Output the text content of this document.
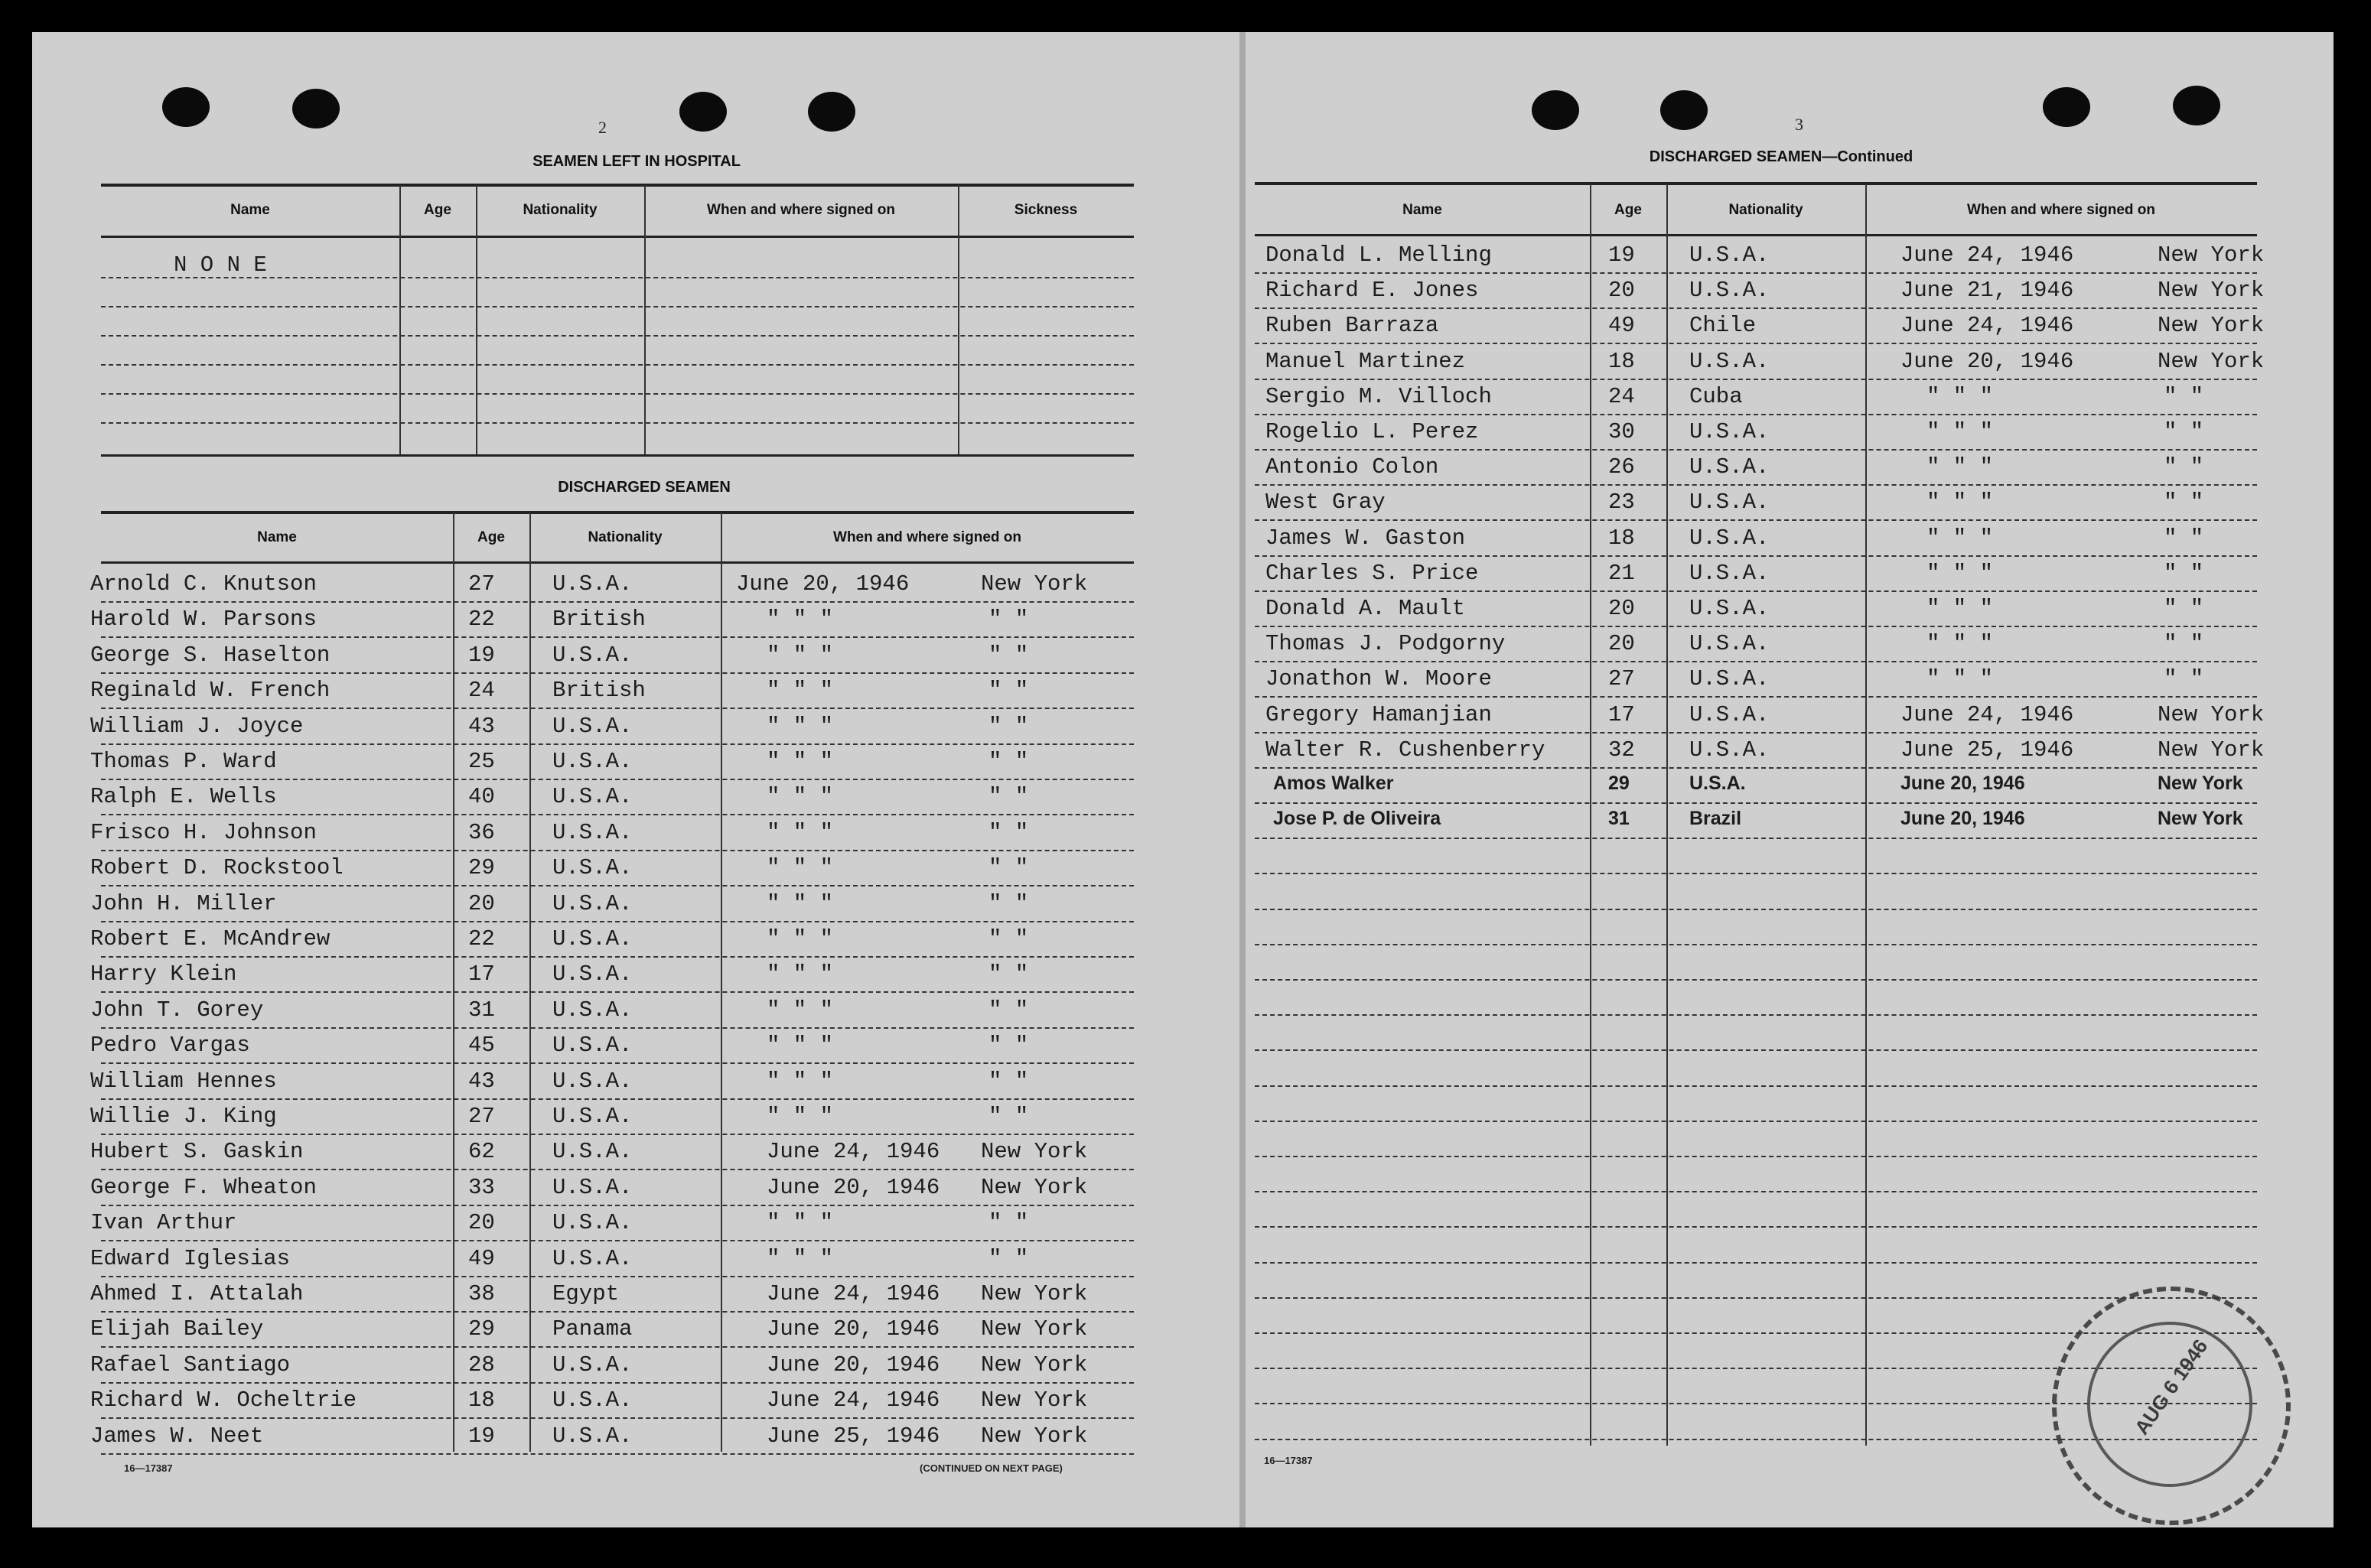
2
SEAMEN LEFT IN HOSPITAL
Name	Age	Nationality	When and where signed on	Sickness
N O N E
DISCHARGED SEAMEN
Name	Age	Nationality	When and where signed on
Arnold C. Knutson	27	U.S.A.	June 20, 1946	New York
Harold W. Parsons	22	British	" " "	" "
George S. Haselton	19	U.S.A.	" " "	" "
Reginald W. French	24	British	" " "	" "
William J. Joyce	43	U.S.A.	" " "	" "
Thomas P. Ward	25	U.S.A.	" " "	" "
Ralph E. Wells	40	U.S.A.	" " "	" "
Frisco H. Johnson	36	U.S.A.	" " "	" "
Robert D. Rockstool	29	U.S.A.	" " "	" "
John H. Miller	20	U.S.A.	" " "	" "
Robert E. McAndrew	22	U.S.A.	" " "	" "
Harry Klein	17	U.S.A.	" " "	" "
John T. Gorey	31	U.S.A.	" " "	" "
Pedro Vargas	45	U.S.A.	" " "	" "
William Hennes	43	U.S.A.	" " "	" "
Willie J. King	27	U.S.A.	" " "	" "
Hubert S. Gaskin	62	U.S.A.	June 24, 1946 New York
George F. Wheaton	33	U.S.A.	June 20, 1946 New York
Ivan Arthur	20	U.S.A.	" " "	" "
Edward Iglesias	49	U.S.A.	" " "	" "
Ahmed I. Attalah	38	Egypt	June 24, 1946 New York
Elijah Bailey	29	Panama	June 20, 1946 New York
Rafael Santiago	28	U.S.A.	June 20, 1946 New York
Richard W. Ocheltrie	18	U.S.A.	June 24, 1946 New York
James W. Neet	19	U.S.A.	June 25, 1946 New York
16—17387	(CONTINUED ON NEXT PAGE)
3
DISCHARGED SEAMEN—Continued
Name	Age	Nationality	When and where signed on
Donald L. Melling	19 U.S.A.	June 24, 1946	New York
Richard E. Jones	20 U.S.A.	June 21, 1946	New York
Ruben Barraza	49 Chile	June 24, 1946	New York
Manuel Martinez	18 U.S.A.	June 20, 1946	New York
Sergio M. Villoch	24 Cuba	" " "	" "
Rogelio L. Perez	30 U.S.A.	" " "	" "
Antonio Colon	26 U.S.A.	" " "	" "
West Gray	23 U.S.A.	" " "	" "
James W. Gaston	18 U.S.A.	" " "	" "
Charles S. Price	21 U.S.A.	" " "	" "
Donald A. Mault	20 U.S.A.	" " "	" "
Thomas J. Podgorny	20 U.S.A.	" " "	" "
Jonathon W. Moore	27 U.S.A.	" " "	" "
Gregory Hamanjian	17 U.S.A.	June 24, 1946	New York
Walter R. Cushenberry	32 U.S.A.	June 25, 1946	New York
Amos Walker	29	U.S.A.	June 20, 1946	New York
Jose P. de Oliveira	31	Brazil	June 20, 1946	New York
16—17387
AUG 6 1946
